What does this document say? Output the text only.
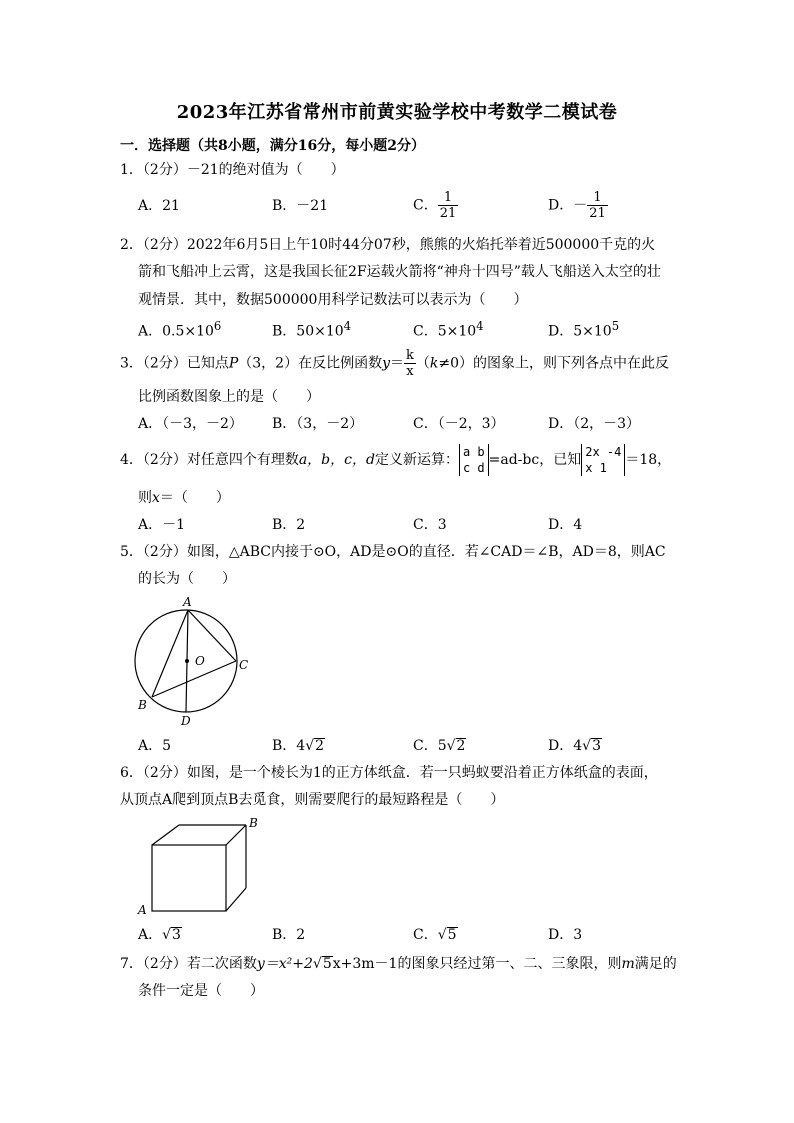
2023年江苏省常州市前黄实验学校中考数学二模试卷
一．选择题（共8小题，满分16分，每小题2分）
1．（2分）－21的绝对值为（　　）
A．21	B．－21	C． $\frac{1}{21}$	D．－ $\frac{1}{21}$
2．（2分）2022年6月5日上午10时44分07秒，熊熊的火焰托举着近500000千克的火
箭和飞船冲上云霄，这是我国长征2F运载火箭将“神舟十四号”载人飞船送入太空的壮
观情景．其中，数据500000用科学记数法可以表示为（　　）
A．$0.5\times 10^6$	B．$50\times 10^4$	C．$5\times 10^4$	D．$5\times 10^5$
3．（2分）已知点P（3，2）在反比例函数$y= \frac{k}{x} (k\ne 0)$的图象上，则下列各点中在此反
比例函数图象上的是（　　）
A．（－3，－2） B．（3，－2）	C．（－2，3）	D．（2，－3）
4．（2分）对任意四个有理数a，b，c，d定义新运算： a b
c d =ad-bc，已知 2x -4
x 1	＝18，
则x＝（　　）
A．－1	B．2	C．3	D．4
5．（2分）如图，△ABC内接于⊙O，AD是⊙O的直径．若∠CAD＝∠B，AD＝8，则AC
的长为（　　）
A
O	C
B
D
A．5	B．4√2	C．5√2	D．4√3
6．（2分）如图，是一个棱长为1的正方体纸盒．若一只蚂蚁要沿着正方体纸盒的表面，
从顶点A爬到顶点B去觅食，则需要爬行的最短路程是（　　）
B
A
A．√3	B．2	C．√5	D．3
7．（2分）若二次函数y＝x²+2√5x+3m－1的图象只经过第一、二、三象限，则m满足的
条件一定是（　　）
